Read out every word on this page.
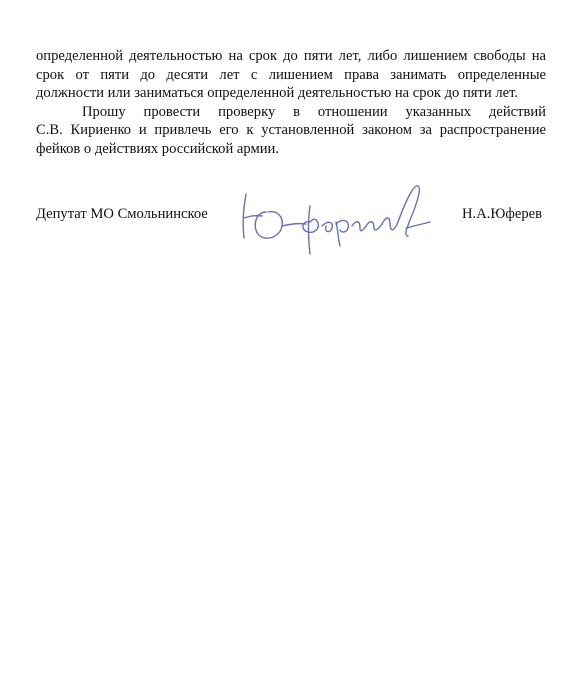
определенной деятельностью на срок до пяти лет, либо лишением свободы на
срок от пяти до десяти лет с лишением права занимать определенные
должности или заниматься определенной деятельностью на срок до пяти лет.
Прошу провести проверку в отношении указанных действий
С.В. Кириенко и привлечь его к установленной законом за распространение
фейков о действиях российской армии.
Депутат МО Смольнинское	Н.А.Юферев
